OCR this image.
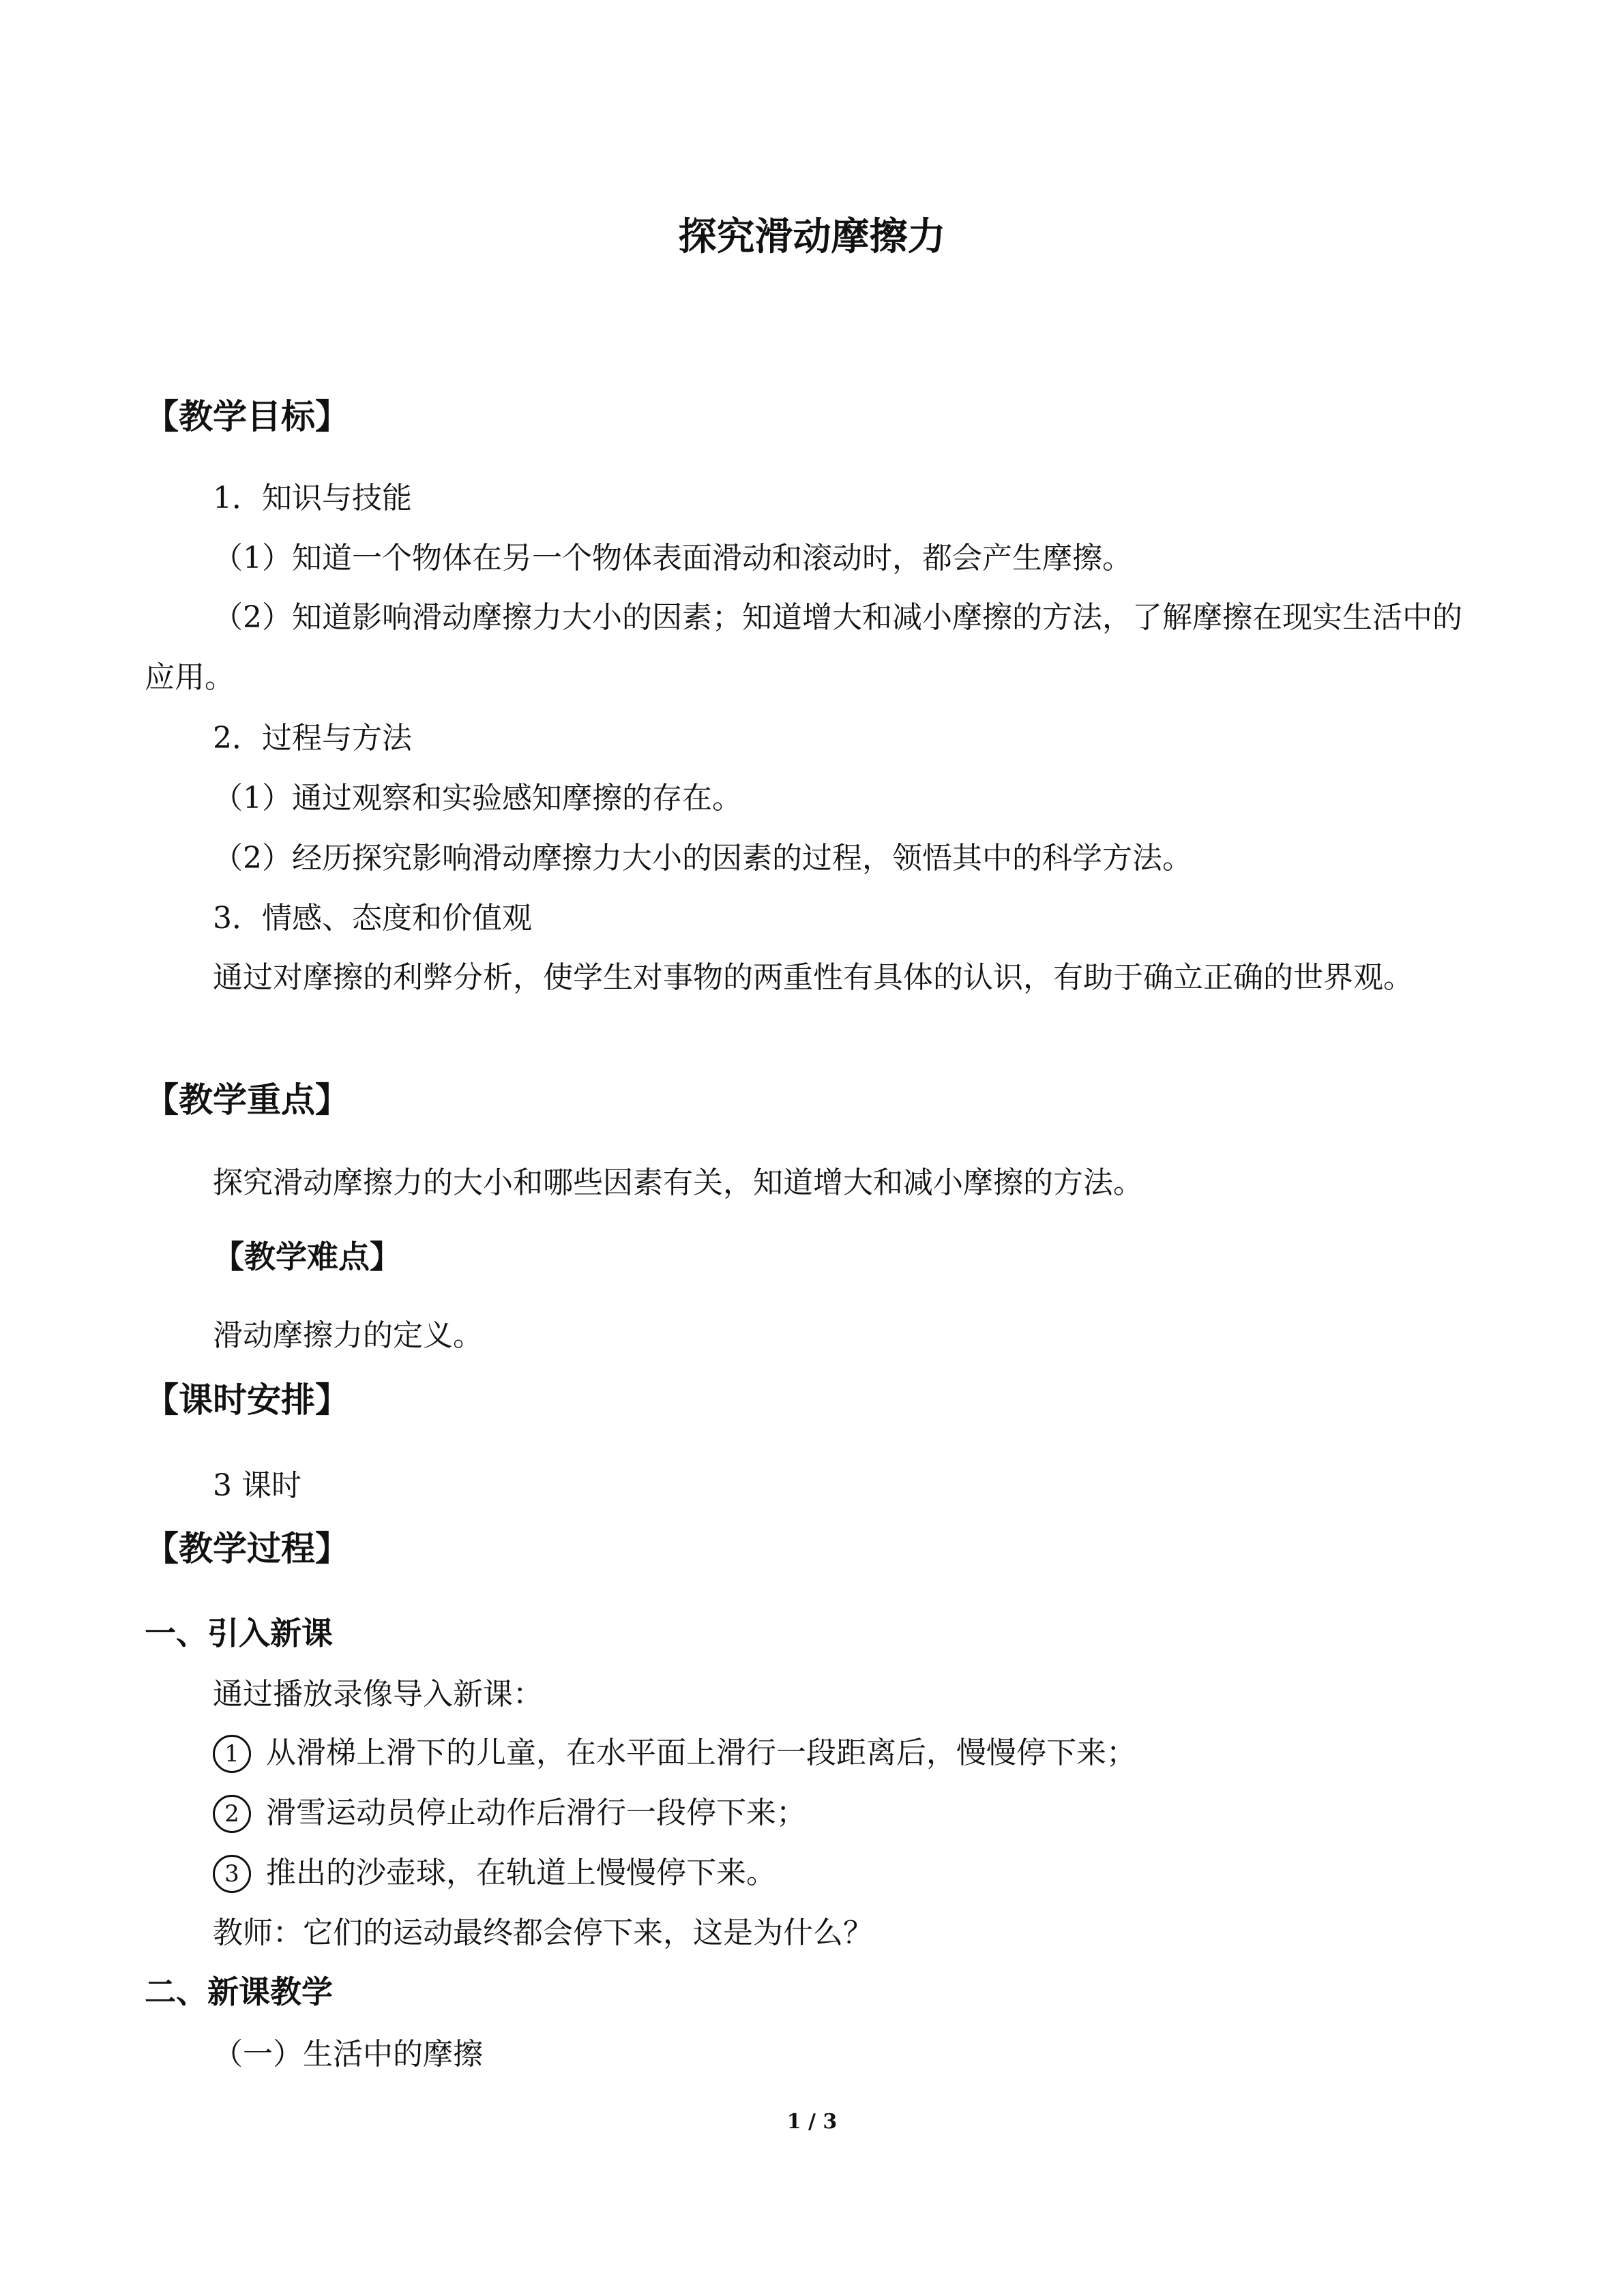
探究滑动摩擦力
【教学目标】
1．知识与技能
（1）知道一个物体在另一个物体表面滑动和滚动时，都会产生摩擦。
（2）知道影响滑动摩擦力大小的因素；知道增大和减小摩擦的方法，了解摩擦在现实生活中的应用。
2．过程与方法
（1）通过观察和实验感知摩擦的存在。
（2）经历探究影响滑动摩擦力大小的因素的过程，领悟其中的科学方法。
3．情感、态度和价值观
通过对摩擦的利弊分析，使学生对事物的两重性有具体的认识，有助于确立正确的世界观。
【教学重点】
探究滑动摩擦力的大小和哪些因素有关，知道增大和减小摩擦的方法。
【教学难点】
滑动摩擦力的定义。
【课时安排】
3 课时
【教学过程】
一、引入新课
通过播放录像导入新课：
1 从滑梯上滑下的儿童，在水平面上滑行一段距离后，慢慢停下来；
2 滑雪运动员停止动作后滑行一段停下来；
3 推出的沙壶球，在轨道上慢慢停下来。
教师：它们的运动最终都会停下来，这是为什么？
二、新课教学
（一）生活中的摩擦
1 / 3
